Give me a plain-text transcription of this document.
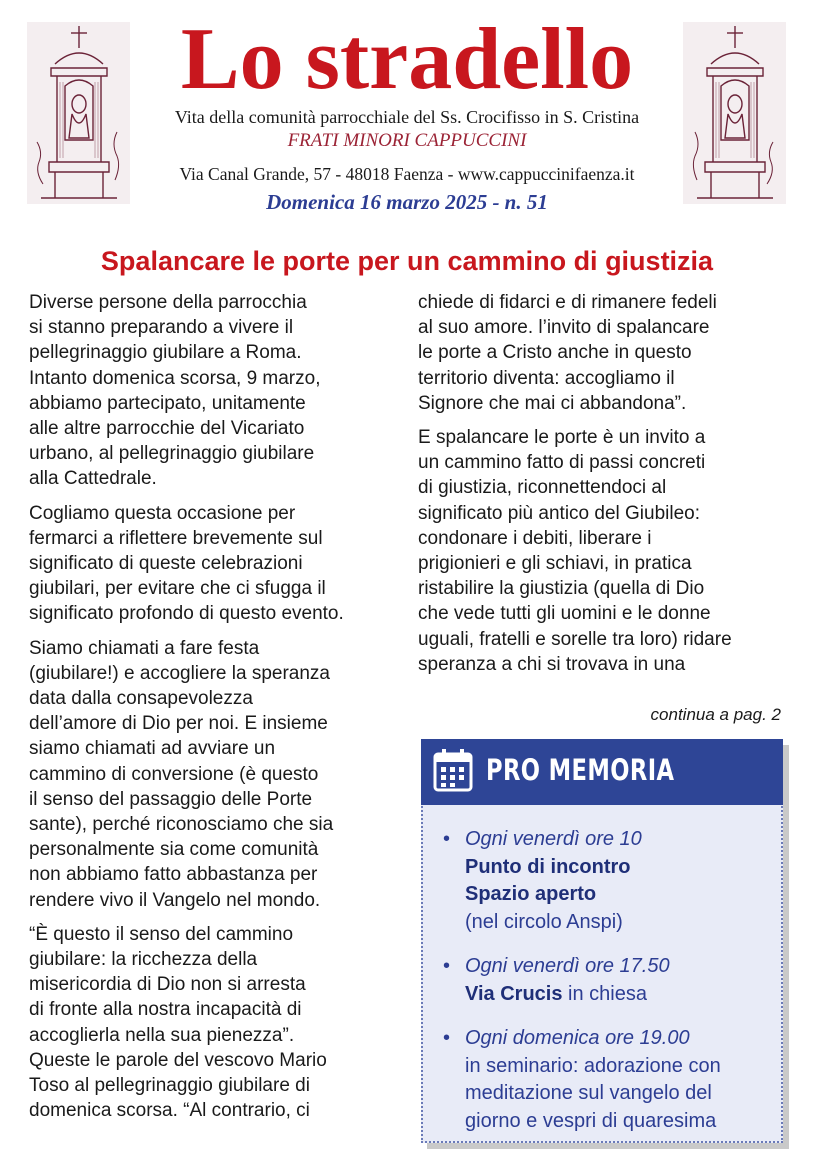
Lo stradello
Vita della comunità parrocchiale del Ss. Crocifisso in S. Cristina
FRATI MINORI CAPPUCCINI
Via Canal Grande, 57 - 48018 Faenza - www.cappuccinifaenza.it
Domenica 16 marzo 2025 - n. 51
Spalancare le porte per un cammino di giustizia

Diverse persone della parrocchia
si stanno preparando a vivere il
pellegrinaggio giubilare a Roma.
Intanto domenica scorsa, 9 marzo,
abbiamo partecipato, unitamente
alle altre parrocchie del Vicariato
urbano, al pellegrinaggio giubilare
alla Cattedrale.

Cogliamo questa occasione per
fermarci a riflettere brevemente sul
significato di queste celebrazioni
giubilari, per evitare che ci sfugga il
significato profondo di questo evento.

Siamo chiamati a fare festa
(giubilare!) e accogliere la speranza
data dalla consapevolezza
dell’amore di Dio per noi. E insieme
siamo chiamati ad avviare un
cammino di conversione (è questo
il senso del passaggio delle Porte
sante), perché riconosciamo che sia
personalmente sia come comunità
non abbiamo fatto abbastanza per
rendere vivo il Vangelo nel mondo.

“È questo il senso del cammino
giubilare: la ricchezza della
misericordia di Dio non si arresta
di fronte alla nostra incapacità di
accoglierla nella sua pienezza”.
Queste le parole del vescovo Mario
Toso al pellegrinaggio giubilare di
domenica scorsa. “Al contrario, ci

chiede di fidarci e di rimanere fedeli
al suo amore. l’invito di spalancare
le porte a Cristo anche in questo
territorio diventa: accogliamo il
Signore che mai ci abbandona”.

E spalancare le porte è un invito a
un cammino fatto di passi concreti
di giustizia, riconnettendoci al
significato più antico del Giubileo:
condonare i debiti, liberare i
prigionieri e gli schiavi, in pratica
ristabilire la giustizia (quella di Dio
che vede tutti gli uomini e le donne
uguali, fratelli e sorelle tra loro) ridare
speranza a chi si trovava in una

continua a pag. 2
PRO MEMORIA
• Ogni venerdì ore 10
Punto di incontro
Spazio aperto
(nel circolo Anspi)
• Ogni venerdì ore 17.50
Via Crucis in chiesa
• Ogni domenica ore 19.00
in seminario: adorazione con
meditazione sul vangelo del
giorno e vespri di quaresima
